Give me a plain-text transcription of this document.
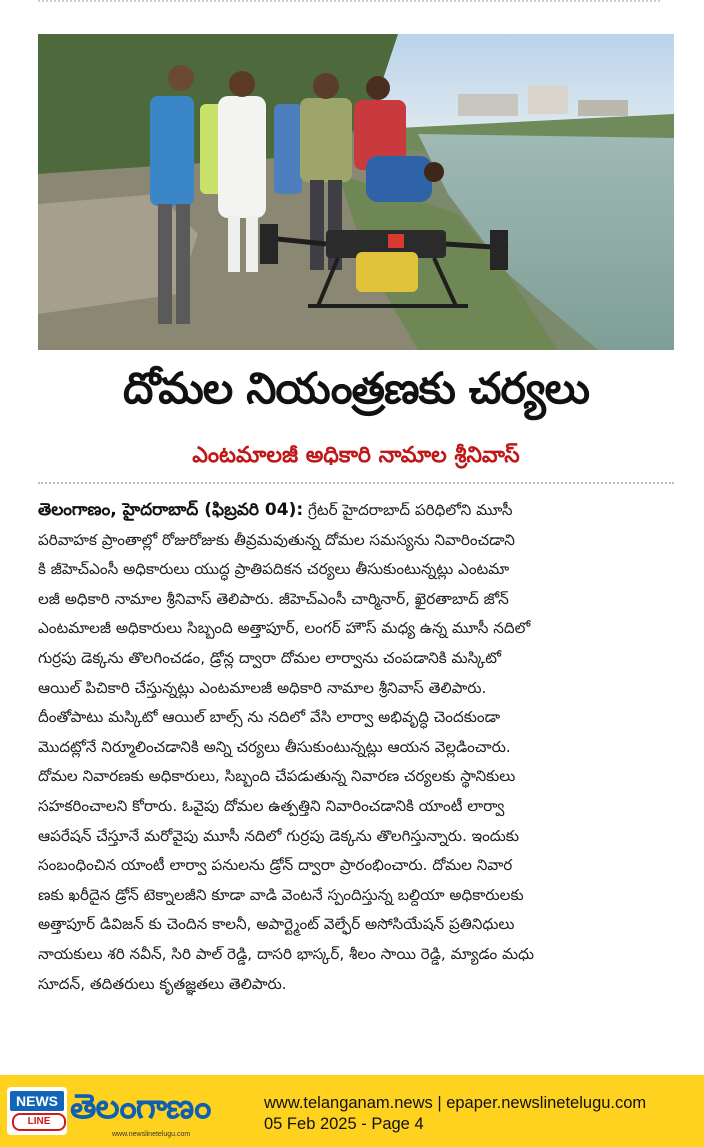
దోమల నియంత్రణకు చర్యలు
ఎంటమాలజీ అధికారి నామాల శ్రీనివాస్
తెలంగాణం, హైదరాబాద్ (ఫిబ్రవరి 04): గ్రేటర్ హైదరాబాద్ పరిధిలోని మూసీ
పరివాహక ప్రాంతాల్లో రోజురోజుకు తీవ్రమవుతున్న దోమల సమస్యను నివారించడాని
కి జీహెచ్ఎంసీ అధికారులు యుద్ధ ప్రాతిపదికన చర్యలు తీసుకుంటున్నట్లు ఎంటమా
లజీ అధికారి నామాల శ్రీనివాస్ తెలిపారు. జీహెచ్ఎంసీ చార్మినార్, ఖైరతాబాద్ జోన్
ఎంటమాలజీ అధికారులు సిబ్బంది అత్తాపూర్, లంగర్ హౌస్ మధ్య ఉన్న మూసీ నదిలో
గుర్రపు డెక్కను తొలగించడం, డ్రోన్ల ద్వారా దోమల లార్వాను చంపడానికి మస్కిటో
ఆయిల్ పిచికారి చేస్తున్నట్లు ఎంటమాలజీ అధికారి నామాల శ్రీనివాస్ తెలిపారు.
దీంతోపాటు మస్కిటో ఆయిల్ బాల్స్ ను నదిలో వేసి లార్వా అభివృద్ధి చెందకుండా
మొదట్లోనే నిర్మూలించడానికి అన్ని చర్యలు తీసుకుంటున్నట్లు ఆయన వెల్లడించారు.
దోమల నివారణకు అధికారులు, సిబ్బంది చేపడుతున్న నివారణ చర్యలకు స్థానికులు
సహకరించాలని కోరారు. ఓవైపు దోమల ఉత్పత్తిని నివారించడానికి యాంటీ లార్వా
ఆపరేషన్ చేస్తూనే మరోవైపు మూసీ నదిలో గుర్రపు డెక్కను తొలగిస్తున్నారు. ఇందుకు
సంబంధించిన యాంటీ లార్వా పనులను డ్రోన్ ద్వారా ప్రారంభించారు. దోమల నివార
ణకు ఖరీదైన డ్రోన్ టెక్నాలజీని కూడా వాడి వెంటనే స్పందిస్తున్న బల్దియా అధికారులకు
అత్తాపూర్ డివిజన్ కు చెందిన కాలనీ, అపార్ట్మెంట్ వెల్ఫేర్ అసోసియేషన్ ప్రతినిధులు
నాయకులు శరి నవీన్, సిరి పాల్ రెడ్డి, దాసరి భాస్కర్, శీలం సాయి రెడ్డి, మ్యాడం మధు
సూదన్, తదితరులు కృతజ్ఞతలు తెలిపారు.
NEWS
LINE తెలంగాణం
www.newslinetelugu.com
www.telanganam.news | epaper.newslinetelugu.com
05 Feb 2025 - Page 4
